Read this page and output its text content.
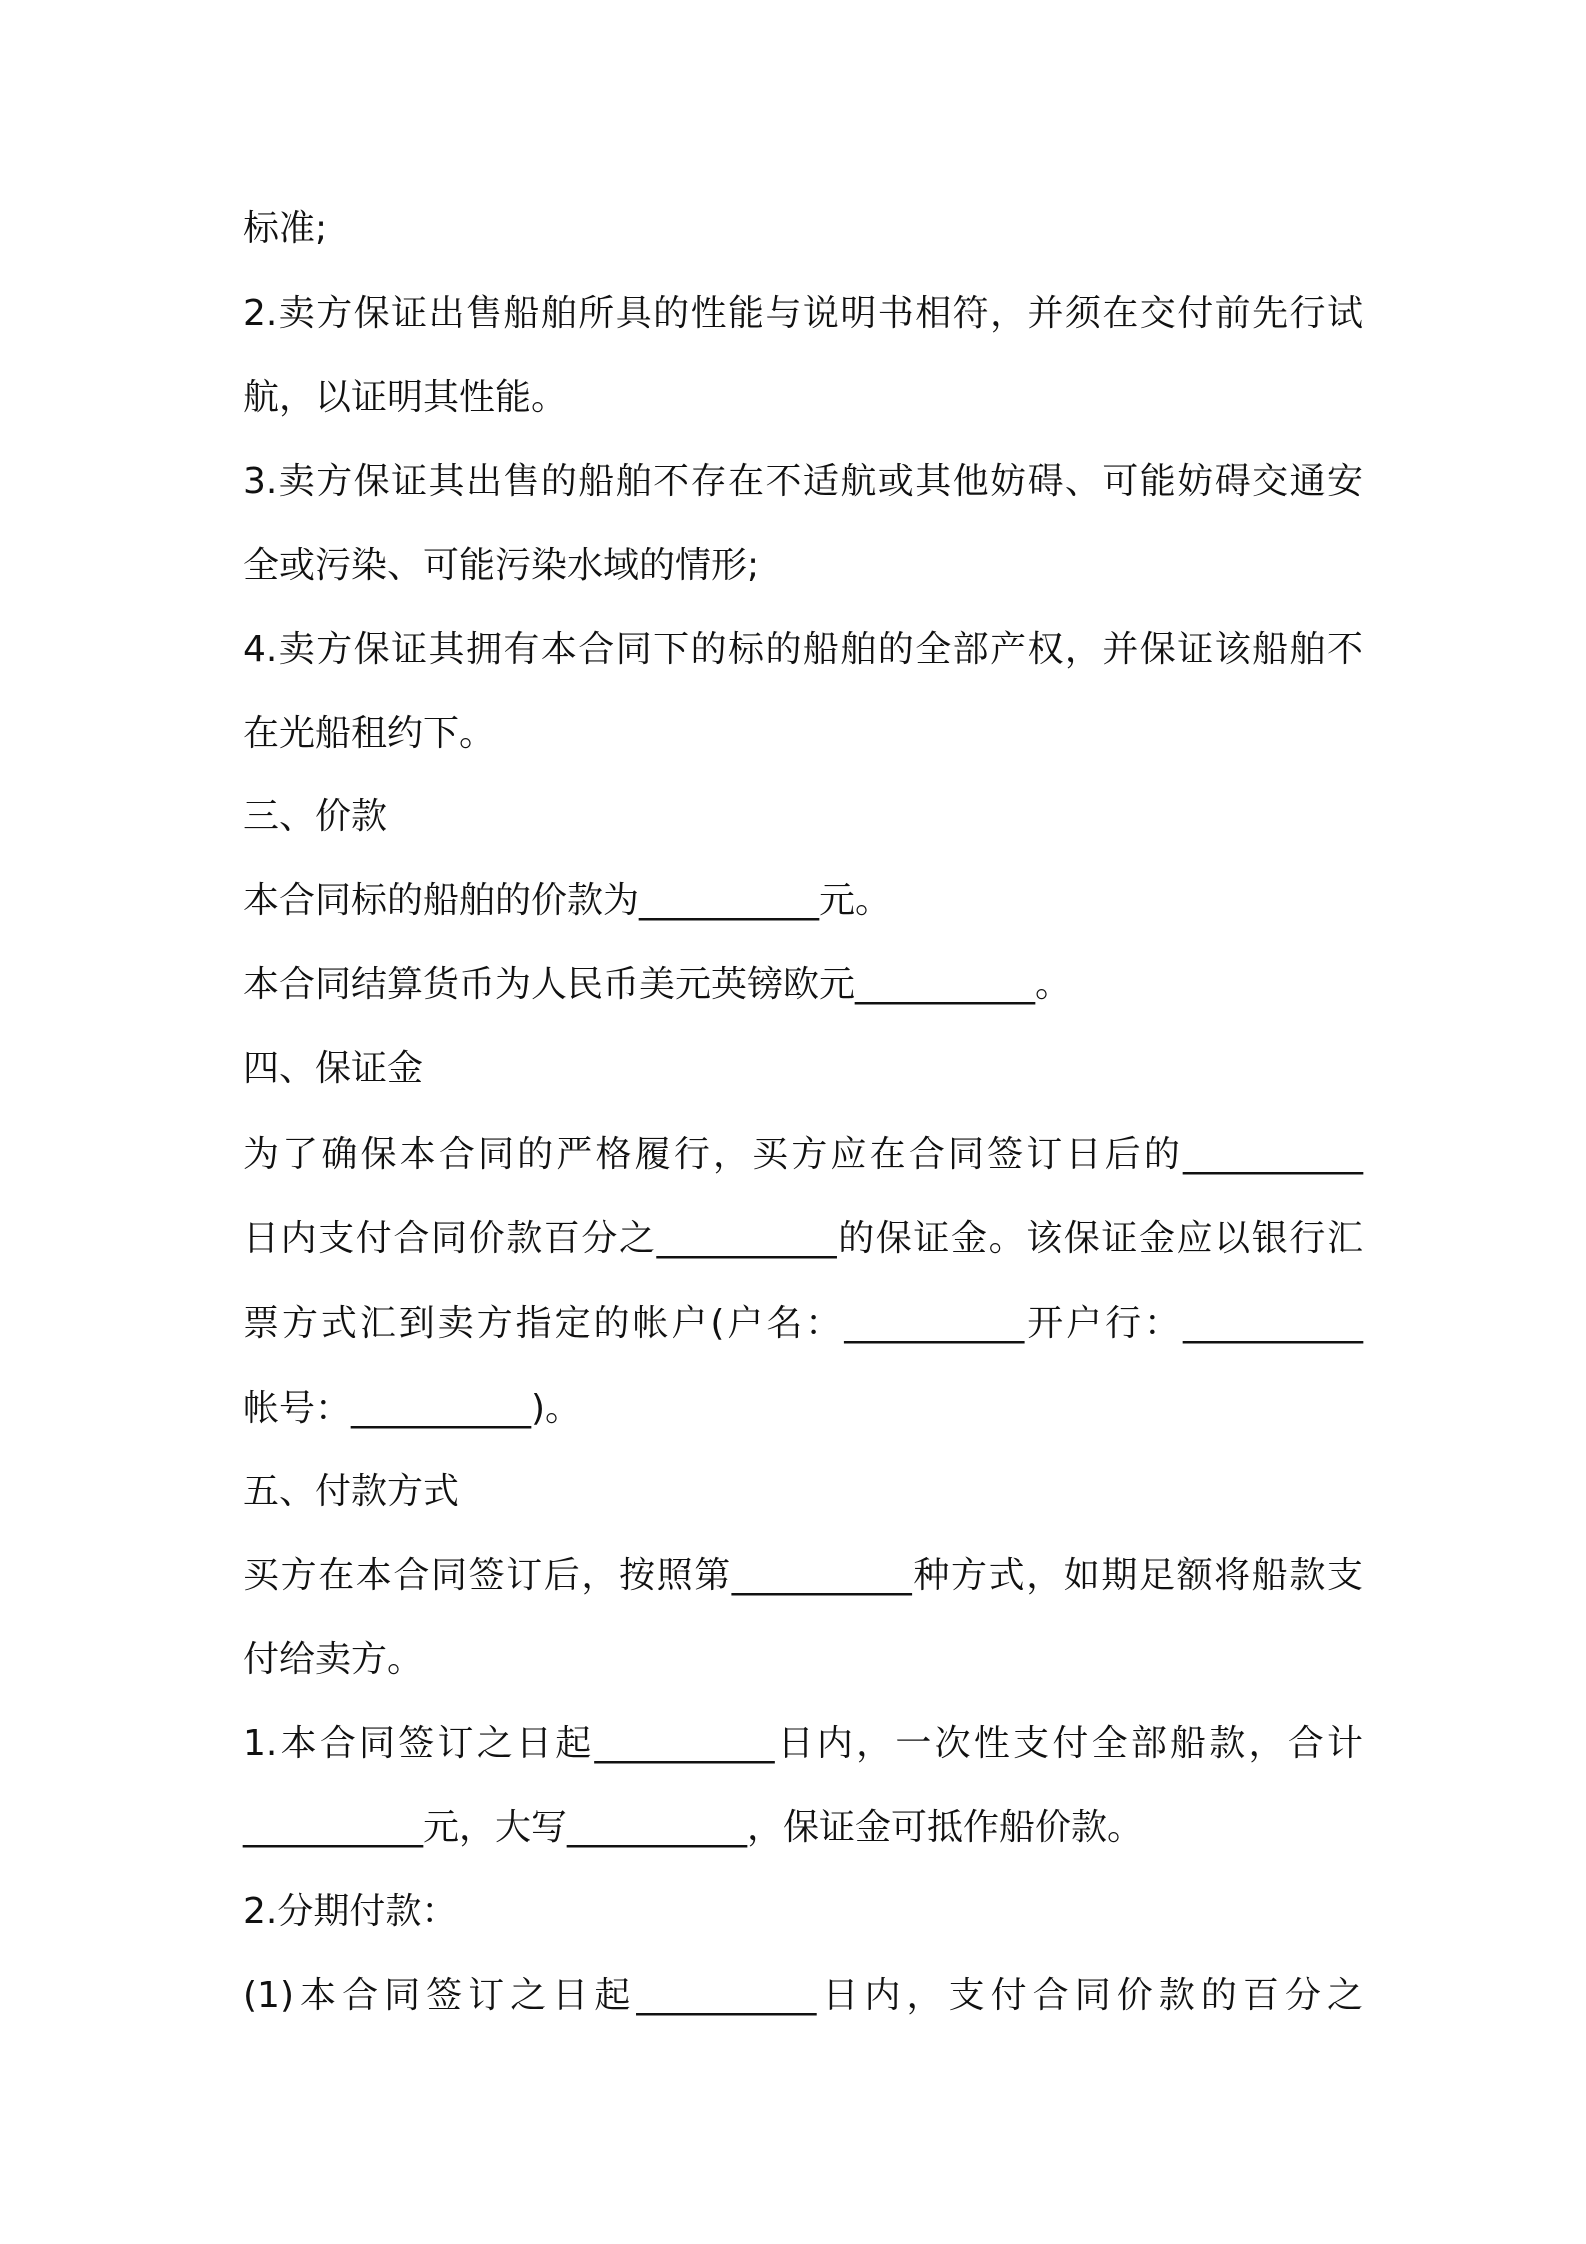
标准;
2.卖方保证出售船舶所具的性能与说明书相符，并须在交付前先行试
航，以证明其性能。
3.卖方保证其出售的船舶不存在不适航或其他妨碍、可能妨碍交通安
全或污染、可能污染水域的情形;
4.卖方保证其拥有本合同下的标的船舶的全部产权，并保证该船舶不
在光船租约下。
三、价款
本合同标的船舶的价款为__________元。
本合同结算货币为人民币美元英镑欧元__________。
四、保证金
为了确保本合同的严格履行，买方应在合同签订日后的__________
日内支付合同价款百分之__________的保证金。该保证金应以银行汇
票方式汇到卖方指定的帐户(户名：__________开户行：__________
帐号：__________)。
五、付款方式
买方在本合同签订后，按照第__________种方式，如期足额将船款支
付给卖方。
1.本合同签订之日起__________日内，一次性支付全部船款，合计
__________元，大写__________，保证金可抵作船价款。
2.分期付款：
(1)本合同签订之日起__________日内，支付合同价款的百分之
